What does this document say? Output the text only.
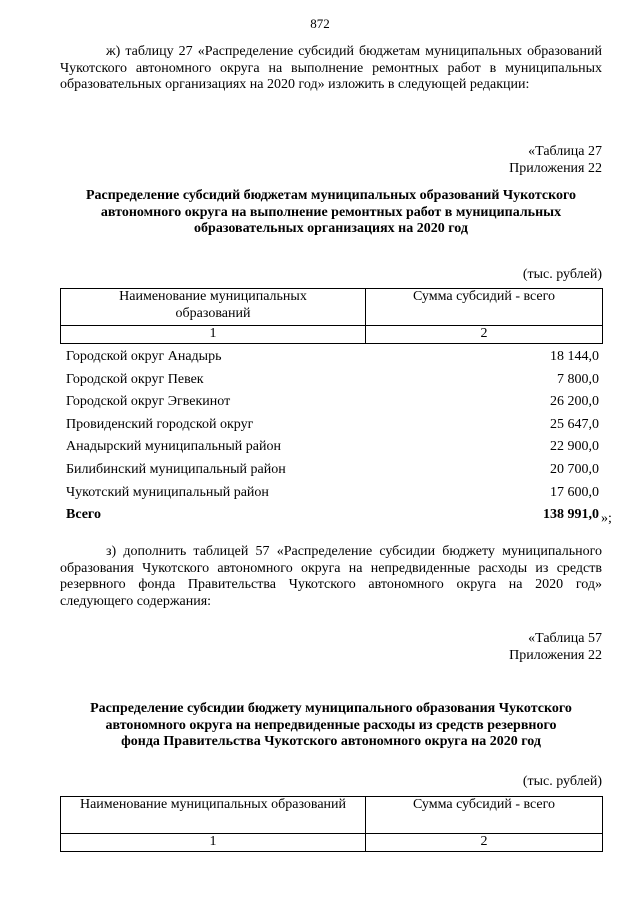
872
ж) таблицу 27 «Распределение субсидий бюджетам муниципальных образований Чукотского автономного округа на выполнение ремонтных работ в муниципальных образовательных организациях на 2020 год» изложить в следующей редакции:
«Таблица 27
Приложения 22
Распределение субсидий бюджетам муниципальных образований Чукотского
автономного округа на выполнение ремонтных работ в муниципальных
образовательных организациях на 2020 год
(тыс. рублей)
Наименование муниципальных
образований	Сумма субсидий - всего
1	2
Городской округ Анадырь	18 144,0
Городской округ Певек	7 800,0
Городской округ Эгвекинот	26 200,0
Провиденский городской округ	25 647,0
Анадырский муниципальный район	22 900,0
Билибинский муниципальный район	20 700,0
Чукотский муниципальный район	17 600,0
Всего	138 991,0 »;
з) дополнить таблицей 57 «Распределение субсидии бюджету муниципального образования Чукотского автономного округа на непредвиденные расходы из средств резервного фонда Правительства Чукотского автономного округа на 2020 год» следующего содержания:
«Таблица 57
Приложения 22
Распределение субсидии бюджету муниципального образования Чукотского
автономного округа на непредвиденные расходы из средств резервного
фонда Правительства Чукотского автономного округа на 2020 год
(тыс. рублей)
Наименование муниципальных образований	Сумма субсидий - всего
1	2
